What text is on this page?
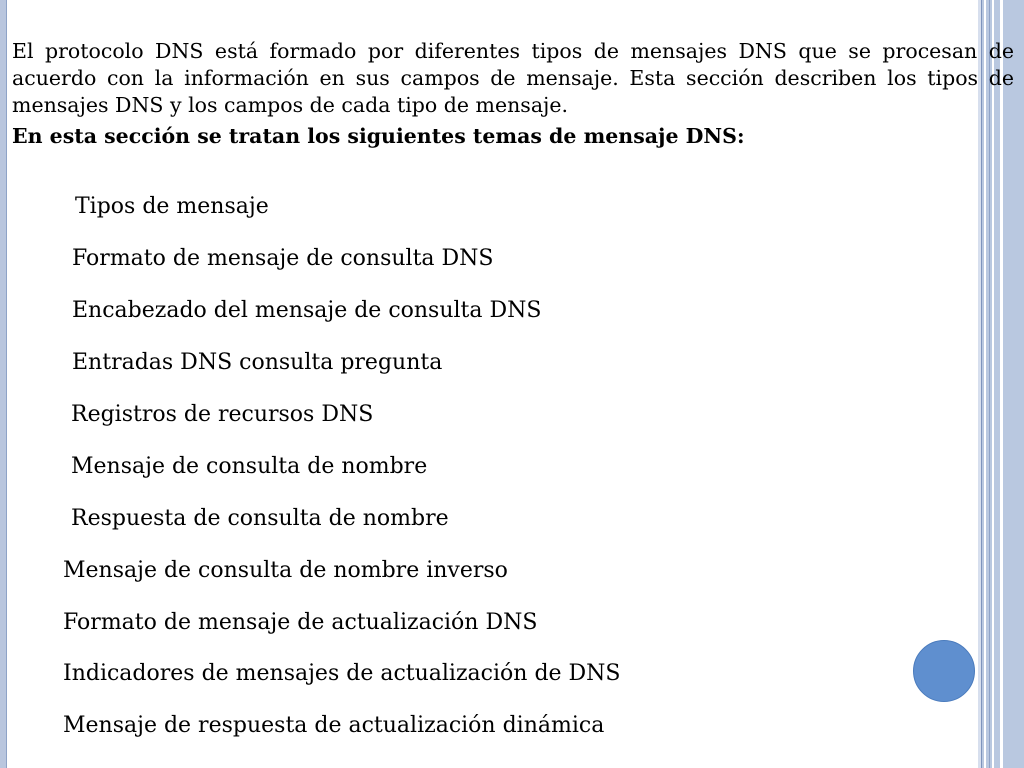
El protocolo DNS está formado por diferentes tipos de mensajes DNS que se procesan de acuerdo con la información en sus campos de mensaje. Esta sección describen los tipos de mensajes DNS y los campos de cada tipo de mensaje.

En esta sección se tratan los siguientes temas de mensaje DNS:

Tipos de mensaje
Formato de mensaje de consulta DNS
Encabezado del mensaje de consulta DNS
Entradas DNS consulta pregunta
Registros de recursos DNS
Mensaje de consulta de nombre
Respuesta de consulta de nombre
Mensaje de consulta de nombre inverso
Formato de mensaje de actualización DNS
Indicadores de mensajes de actualización de DNS
Mensaje de respuesta de actualización dinámica
